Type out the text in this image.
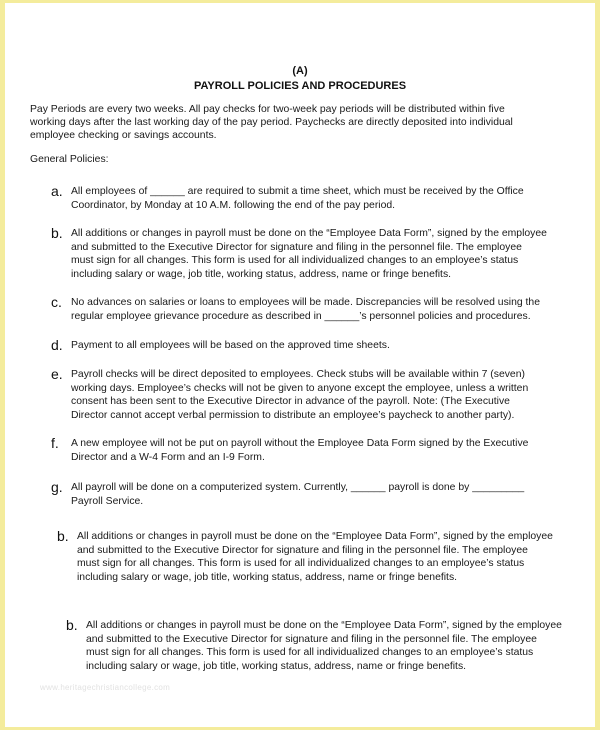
(A)
PAYROLL POLICIES AND PROCEDURES
Pay Periods are every two weeks. All pay checks for two-week pay periods will be distributed within five
working days after the last working day of the pay period. Paychecks are directly deposited into individual
employee checking or savings accounts.
General Policies:
a. All employees of ______ are required to submit a time sheet, which must be received by the Office
Coordinator, by Monday at 10 A.M. following the end of the pay period.
b. All additions or changes in payroll must be done on the “Employee Data Form”, signed by the employee
and submitted to the Executive Director for signature and filing in the personnel file. The employee
must sign for all changes. This form is used for all individualized changes to an employee’s status
including salary or wage, job title, working status, address, name or fringe benefits.
c. No advances on salaries or loans to employees will be made. Discrepancies will be resolved using the
regular employee grievance procedure as described in ______’s personnel policies and procedures.
d. Payment to all employees will be based on the approved time sheets.
e. Payroll checks will be direct deposited to employees. Check stubs will be available within 7 (seven)
working days. Employee’s checks will not be given to anyone except the employee, unless a written
consent has been sent to the Executive Director in advance of the payroll. Note: (The Executive
Director cannot accept verbal permission to distribute an employee’s paycheck to another party).
f. A new employee will not be put on payroll without the Employee Data Form signed by the Executive
Director and a W-4 Form and an I-9 Form.
g. All payroll will be done on a computerized system. Currently, ______ payroll is done by _________
Payroll Service.
b. All additions or changes in payroll must be done on the “Employee Data Form”, signed by the employee
and submitted to the Executive Director for signature and filing in the personnel file. The employee
must sign for all changes. This form is used for all individualized changes to an employee’s status
including salary or wage, job title, working status, address, name or fringe benefits.
b. All additions or changes in payroll must be done on the “Employee Data Form”, signed by the employee
and submitted to the Executive Director for signature and filing in the personnel file. The employee
must sign for all changes. This form is used for all individualized changes to an employee’s status
including salary or wage, job title, working status, address, name or fringe benefits.
www.heritagechristiancollege.com
